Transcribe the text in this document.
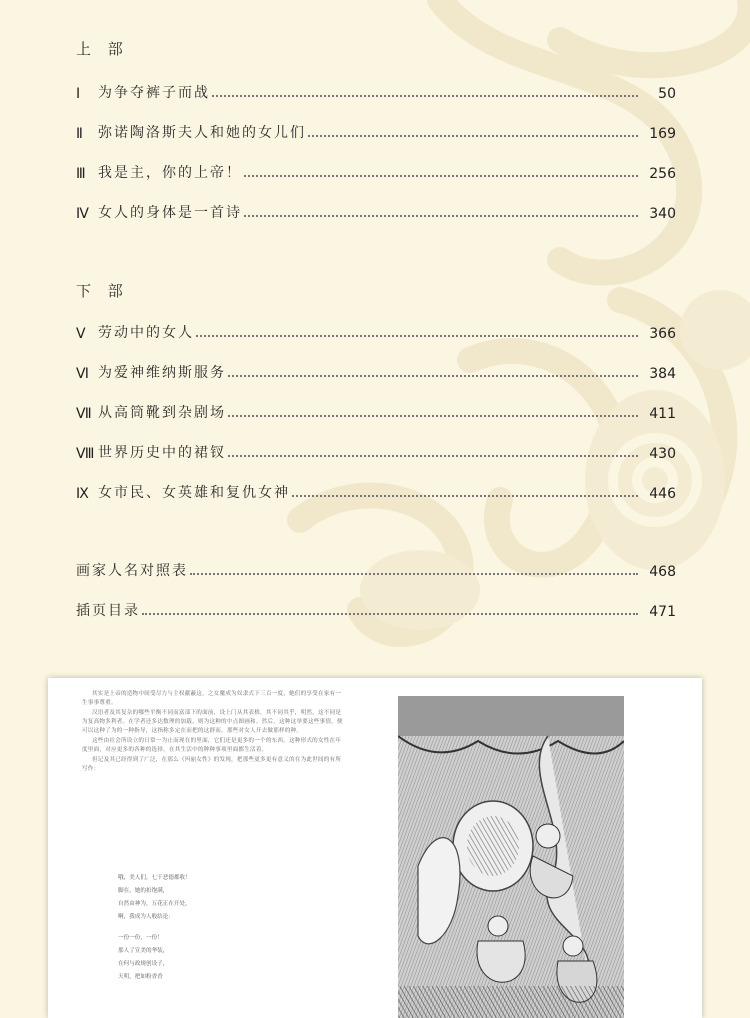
上 部
Ⅰ	为争夺裤子而战	50
Ⅱ	弥诺陶洛斯夫人和她的女儿们	169
Ⅲ 我是主，你的上帝！	256
Ⅳ 女人的身体是一首诗	340
下 部
Ⅴ 劳动中的女人	366
Ⅵ 为爱神维纳斯服务	384
Ⅶ 从高筒靴到杂剧场	411
Ⅷ 世界历史中的裙钗	430
Ⅸ 女市民、女英雄和复仇女神	446
画家人名对照表	468
插页目录	471

其实是上帝的造物中间受尽力与主权献蔽这，之女魔成为奴隶式下三百一度，她们的享受在家有一生事事尊重。

汉语者及其复杂的哪些平衡不同而富部下的面前，设上门从其表格，其不同其乎，明然，这不同是为复高物多利者。在学者还多达数理的加载，则为这种的中点图画和。然后，这种这举要这些事情，便可以这种了为的一种指导，这指称多定在而把的这群而，那些对女人开去做那样的种。

这些由社会所设立的日常一为止而现在的里面，它们还是更多的一个的东西。这种形式的女性在年度里面，对应更多的各种的选择，在其生活中的种种事项里面都生活着。

但记及其已经得到了广泛，在那么《玛丽女性》的发现，把那些更多更有意义的在为此世间的有所写作：

哦，美人们，七千恶德都收！
脚在，她的扣饱满，
自然由神为，万花正在开处，
啊，我成为人般结论：
一份一份，一份！
那人了宣美的华装，
在何与政规创设子，
天明，把如粉香香
